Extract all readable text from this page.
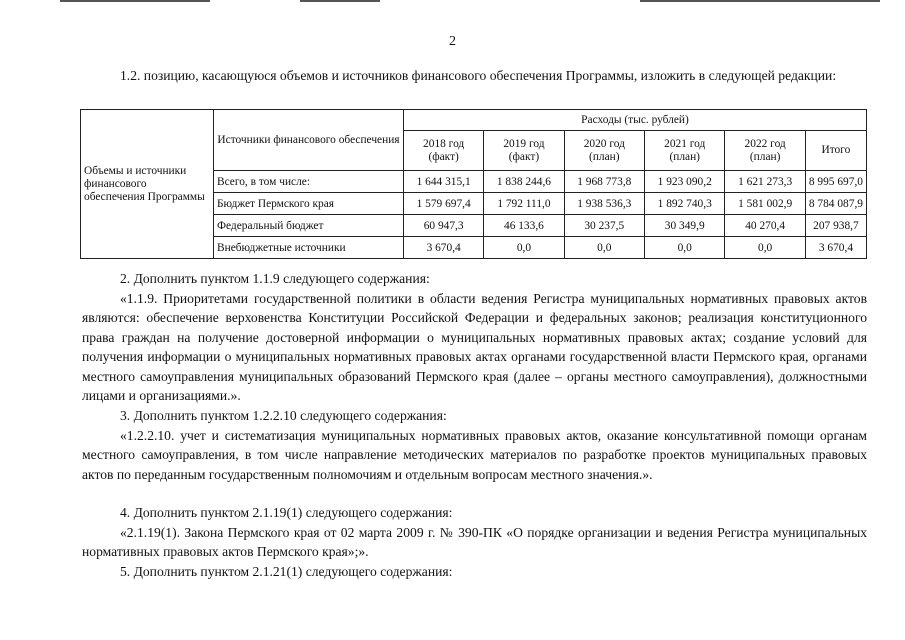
2
1.2. позицию, касающуюся объемов и источников финансового обеспечения Программы, изложить в следующей редакции:
Объемы и источники финансового обеспечения Программы	Источники финансового обеспечения	Расходы (тыс. рублей)					
		2018 год (факт)	2019 год (факт)	2020 год (план)	2021 год (план)	2022 год (план)	Итого
	Всего, в том числе:	1 644 315,1	1 838 244,6	1 968 773,8	1 923 090,2	1 621 273,3	8 995 697,0
	Бюджет Пермского края	1 579 697,4	1 792 111,0	1 938 536,3	1 892 740,3	1 581 002,9	8 784 087,9
	Федеральный бюджет	60 947,3	46 133,6	30 237,5	30 349,9	40 270,4	207 938,7
	Внебюджетные источники	3 670,4	0,0	0,0	0,0	0,0	3 670,4
2. Дополнить пунктом 1.1.9 следующего содержания:
«1.1.9. Приоритетами государственной политики в области ведения Регистра муниципальных нормативных правовых актов являются: обеспечение верховенства Конституции Российской Федерации и федеральных законов; реализация конституционного права граждан на получение достоверной информации о муниципальных нормативных правовых актах; создание условий для получения информации о муниципальных нормативных правовых актах органами государственной власти Пермского края, органами местного самоуправления муниципальных образований Пермского края (далее – органы местного самоуправления), должностными лицами и организациями.».
3. Дополнить пунктом 1.2.2.10 следующего содержания:
«1.2.2.10. учет и систематизация муниципальных нормативных правовых актов, оказание консультативной помощи органам местного самоуправления, в том числе направление методических материалов по разработке проектов муниципальных правовых актов по переданным государственным полномочиям и отдельным вопросам местного значения.».
4. Дополнить пунктом 2.1.19(1) следующего содержания:
«2.1.19(1). Закона Пермского края от 02 марта 2009 г. № 390-ПК «О порядке организации и ведения Регистра муниципальных нормативных правовых актов Пермского края»;».
5. Дополнить пунктом 2.1.21(1) следующего содержания:
